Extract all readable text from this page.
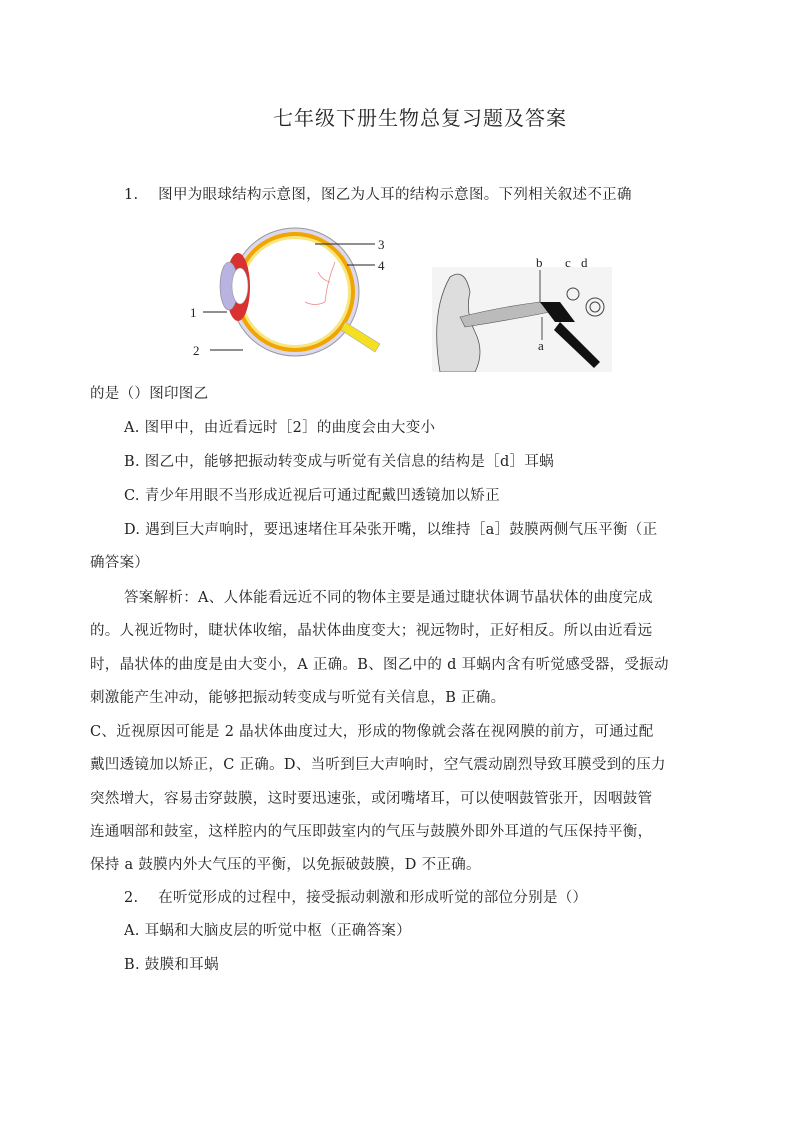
七年级下册生物总复习题及答案
1.　 图甲为眼球结构示意图，图乙为人耳的结构示意图。下列相关叙述不正确
3
4
1
2
b c d
a
的是（）图印图乙
A. 图甲中，由近看远时［2］的曲度会由大变小
B. 图乙中，能够把振动转变成与听觉有关信息的结构是［d］耳蜗
C. 青少年用眼不当形成近视后可通过配戴凹透镜加以矫正
D. 遇到巨大声响时，要迅速堵住耳朵张开嘴，以维持［a］鼓膜两侧气压平衡（正
确答案）
答案解析：A、人体能看远近不同的物体主要是通过睫状体调节晶状体的曲度完成
的。人视近物时，睫状体收缩，晶状体曲度变大；视远物时，正好相反。所以由近看远
时，晶状体的曲度是由大变小，A 正确。B、图乙中的 d 耳蜗内含有听觉感受器，受振动
刺激能产生冲动，能够把振动转变成与听觉有关信息，B 正确。
C、近视原因可能是 2 晶状体曲度过大，形成的物像就会落在视网膜的前方，可通过配
戴凹透镜加以矫正，C 正确。D、当听到巨大声响时，空气震动剧烈导致耳膜受到的压力
突然增大，容易击穿鼓膜，这时要迅速张，或闭嘴堵耳，可以使咽鼓管张开，因咽鼓管
连通咽部和鼓室，这样腔内的气压即鼓室内的气压与鼓膜外即外耳道的气压保持平衡，
保持 a 鼓膜内外大气压的平衡，以免振破鼓膜，D 不正确。
2.　 在听觉形成的过程中，接受振动刺激和形成听觉的部位分别是（）
A. 耳蜗和大脑皮层的听觉中枢（正确答案）
B. 鼓膜和耳蜗
